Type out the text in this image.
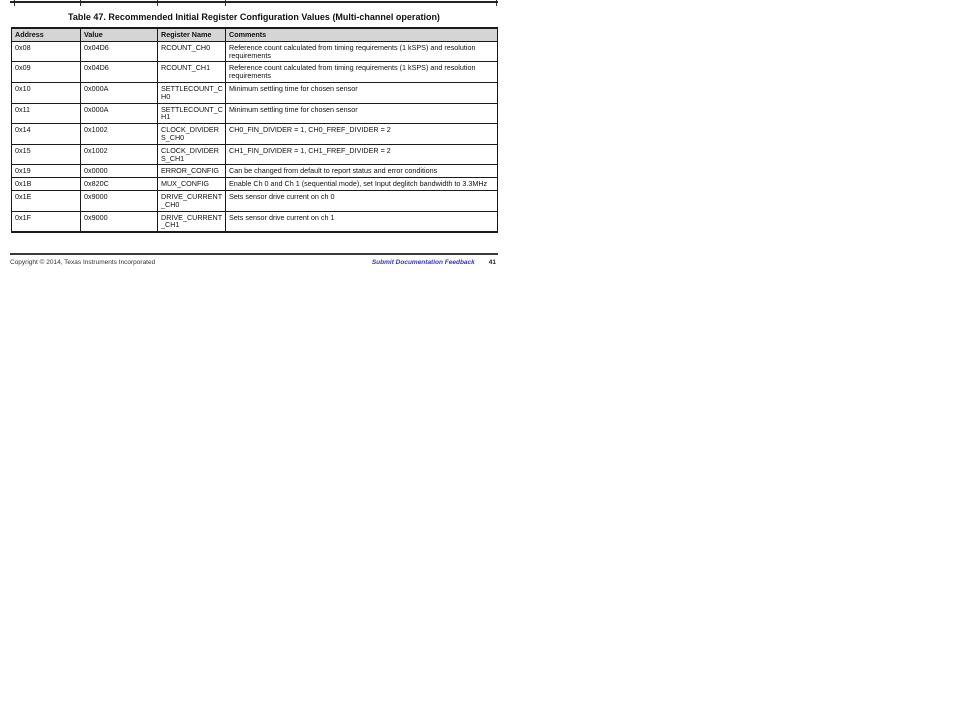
Table 47. Recommended Initial Register Configuration Values (Multi-channel operation)
Address	Value	Register Name	Comments
0x08	0x04D6	RCOUNT_CH0	Reference count calculated from timing requirements (1 kSPS) and resolution requirements
0x09	0x04D6	RCOUNT_CH1	Reference count calculated from timing requirements (1 kSPS) and resolution requirements
0x10	0x000A	SETTLECOUNT_CH0	Minimum settling time for chosen sensor
0x11	0x000A	SETTLECOUNT_CH1	Minimum settling time for chosen sensor
0x14	0x1002	CLOCK_DIVIDERS_CH0	CH0_FIN_DIVIDER = 1, CH0_FREF_DIVIDER = 2
0x15	0x1002	CLOCK_DIVIDERS_CH1	CH1_FIN_DIVIDER = 1, CH1_FREF_DIVIDER = 2
0x19	0x0000	ERROR_CONFIG	Can be changed from default to report status and error conditions
0x1B	0x820C	MUX_CONFIG	Enable Ch 0 and Ch 1 (sequential mode), set Input deglitch bandwidth to 3.3MHz
0x1E	0x9000	DRIVE_CURRENT_CH0	Sets sensor drive current on ch 0
0x1F	0x9000	DRIVE_CURRENT_CH1	Sets sensor drive current on ch 1
Copyright © 2014, Texas Instruments Incorporated	Submit Documentation Feedback 41
